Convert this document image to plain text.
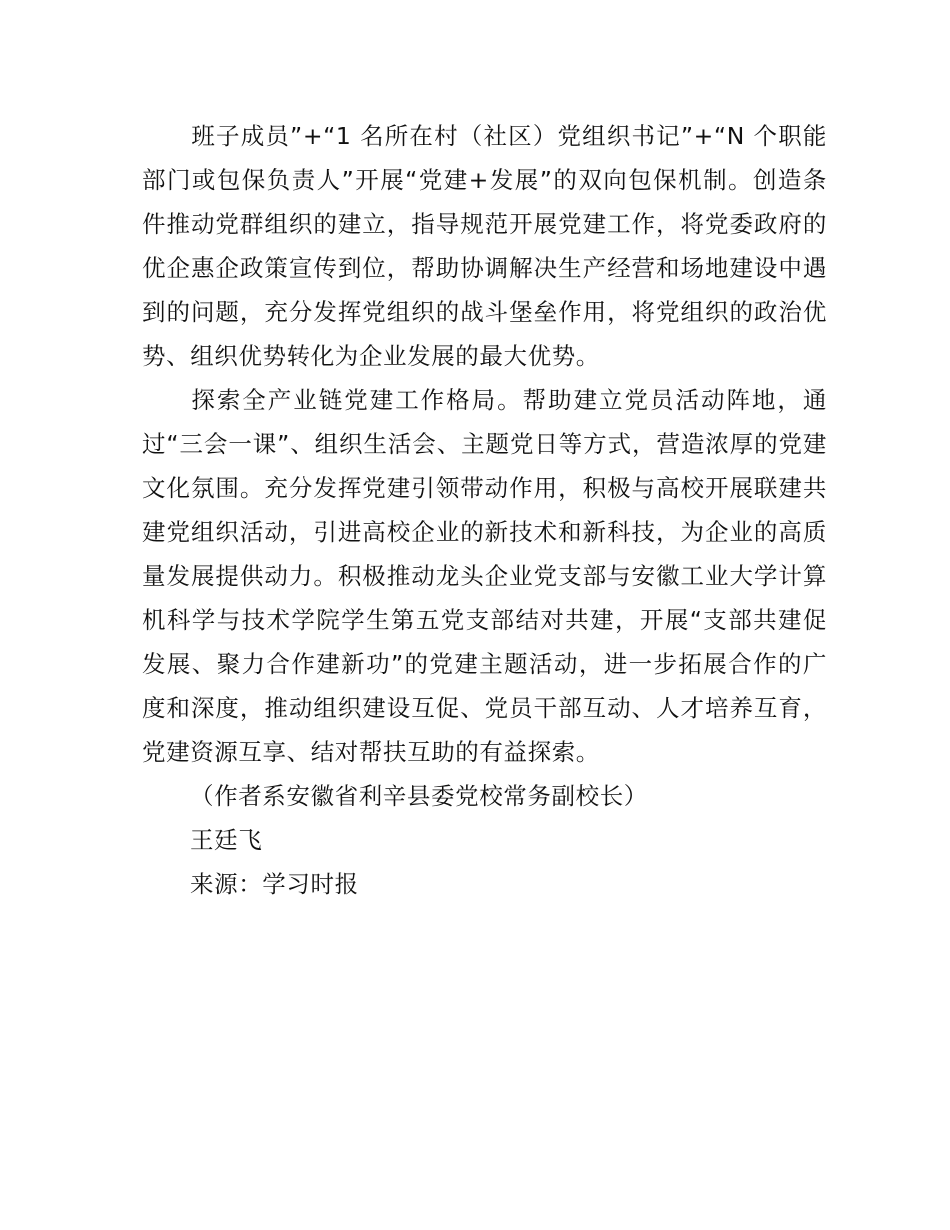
班子成员”+“1 名所在村（社区）党组织书记”+“N 个职能部门或包保负责人”开展“党建+发展”的双向包保机制。创造条件推动党群组织的建立，指导规范开展党建工作，将党委政府的优企惠企政策宣传到位，帮助协调解决生产经营和场地建设中遇到的问题，充分发挥党组织的战斗堡垒作用，将党组织的政治优势、组织优势转化为企业发展的最大优势。

探索全产业链党建工作格局。帮助建立党员活动阵地，通过“三会一课”、组织生活会、主题党日等方式，营造浓厚的党建文化氛围。充分发挥党建引领带动作用，积极与高校开展联建共建党组织活动，引进高校企业的新技术和新科技，为企业的高质量发展提供动力。积极推动龙头企业党支部与安徽工业大学计算机科学与技术学院学生第五党支部结对共建，开展“支部共建促发展、聚力合作建新功”的党建主题活动，进一步拓展合作的广度和深度，推动组织建设互促、党员干部互动、人才培养互育，党建资源互享、结对帮扶互助的有益探索。

（作者系安徽省利辛县委党校常务副校长）

王廷飞

来源：学习时报
